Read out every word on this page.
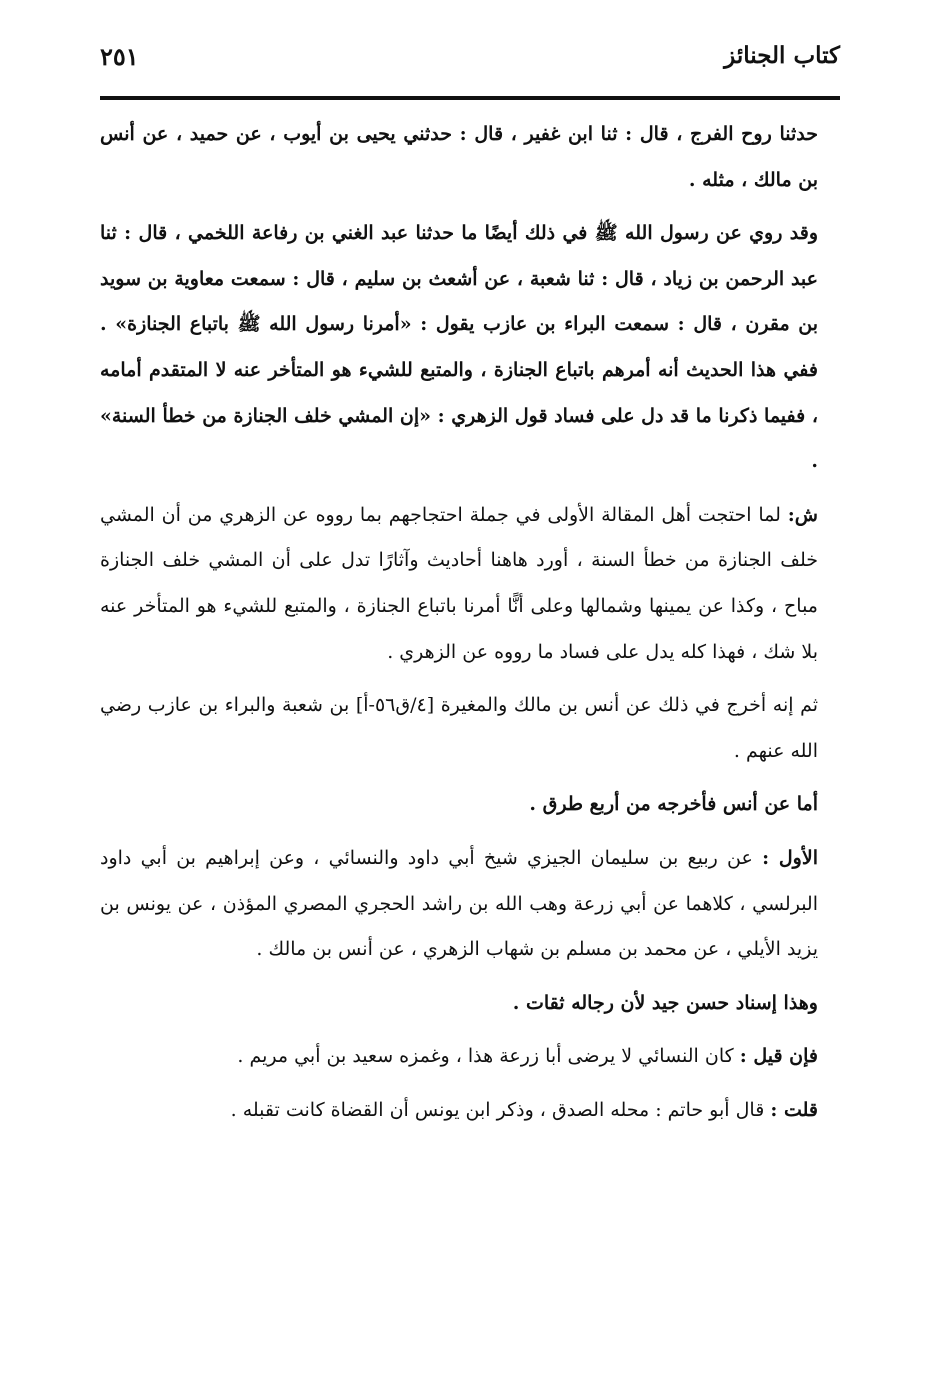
كتاب الجنائز
٢٥١

حدثنا روح الفرج ، قال : ثنا ابن غفير ، قال : حدثني يحيى بن أيوب ، عن حميد ، عن أنس بن مالك ، مثله .

وقد روي عن رسول الله ﷺ في ذلك أيضًا ما حدثنا عبد الغني بن رفاعة اللخمي ، قال : ثنا عبد الرحمن بن زياد ، قال : ثنا شعبة ، عن أشعث بن سليم ، قال : سمعت معاوية بن سويد بن مقرن ، قال : سمعت البراء بن عازب يقول : «أمرنا رسول الله ﷺ باتباع الجنازة» . ففي هذا الحديث أنه أمرهم باتباع الجنازة ، والمتبع للشيء هو المتأخر عنه لا المتقدم أمامه ، ففيما ذكرنا ما قد دل على فساد قول الزهري : «إن المشي خلف الجنازة من خطأ السنة» .

ش: لما احتجت أهل المقالة الأولى في جملة احتجاجهم بما رووه عن الزهري من أن المشي خلف الجنازة من خطأ السنة ، أورد هاهنا أحاديث وآثارًا تدل على أن المشي خلف الجنازة مباح ، وكذا عن يمينها وشمالها وعلى أنًّا أمرنا باتباع الجنازة ، والمتبع للشيء هو المتأخر عنه بلا شك ، فهذا كله يدل على فساد ما رووه عن الزهري .

ثم إنه أخرج في ذلك عن أنس بن مالك والمغيرة [٤/ق٥٦-أ] بن شعبة والبراء بن عازب رضي الله عنهم .

أما عن أنس فأخرجه من أربع طرق .

الأول : عن ربيع بن سليمان الجيزي شيخ أبي داود والنسائي ، وعن إبراهيم بن أبي داود البرلسي ، كلاهما عن أبي زرعة وهب الله بن راشد الحجري المصري المؤذن ، عن يونس بن يزيد الأيلي ، عن محمد بن مسلم بن شهاب الزهري ، عن أنس بن مالك .

وهذا إسناد حسن جيد لأن رجاله ثقات .

فإن قيل : كان النسائي لا يرضى أبا زرعة هذا ، وغمزه سعيد بن أبي مريم .

قلت : قال أبو حاتم : محله الصدق ، وذكر ابن يونس أن القضاة كانت تقبله .
